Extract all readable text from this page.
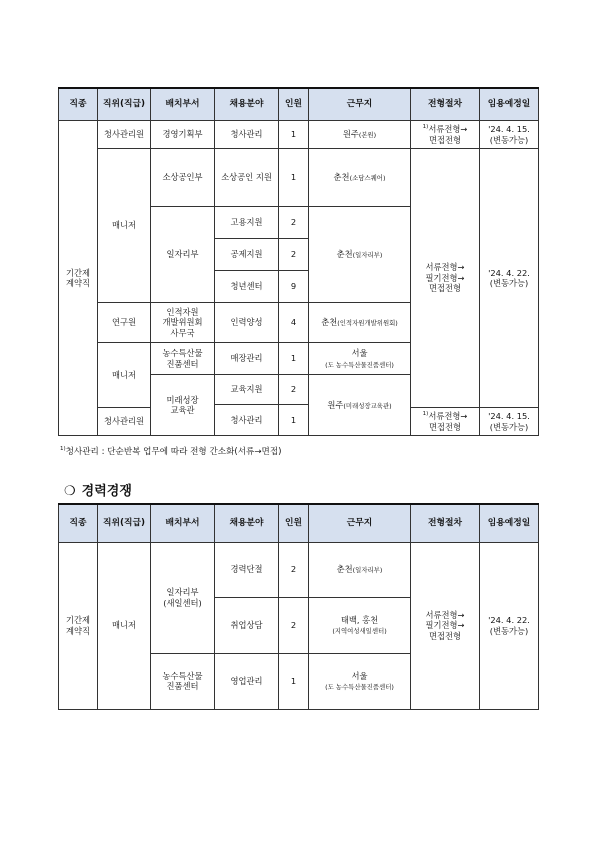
직종	직위(직급)	배치부서	채용분야	인원	근무지	전형절차	임용예정일
기간제
계약직	청사관리원	경영기획부	청사관리	1	원주(본원)	$^{1)}$서류전형→
면접전형	'24. 4. 15.
(변동가능)
	매니저	소상공인부	소상공인 지원	1	춘천(소담스퀘어)	서류전형→
필기전형→
면접전형	'24. 4. 22.
(변동가능)
		일자리부	고용지원	2	춘천(일자리부)		
			공제지원	2			
			청년센터	9			
	연구원	인적자원
개발위원회
사무국	인력양성	4	춘천(인적자원개발위원회)		
	매니저	농수특산물
진품센터	매장관리	1	서울
(도 농수특산물진품센터)		
		미래성장
교육관	교육지원	2	원주(미래성장교육관)		
			청사관리	1			
	청사관리원					$^{1)}$서류전형→
면접전형	'24. 4. 15.
(변동가능)
$^{1)}$청사관리 : 단순반복 업무에 따라 전형 간소화(서류→면접)
❍ 경력경쟁
직종	직위(직급)	배치부서	채용분야	인원	근무지	전형절차	임용예정일
기간제
계약직	매니저	일자리부
(새일센터)	경력단절	2	춘천(일자리부)	서류전형→
필기전형→
면접전형	'24. 4. 22.
(변동가능)
			취업상담	2	태백, 홍천
(지역여성새일센터)		
		농수특산물
진품센터	영업관리	1	서울
(도 농수특산물진품센터)		
